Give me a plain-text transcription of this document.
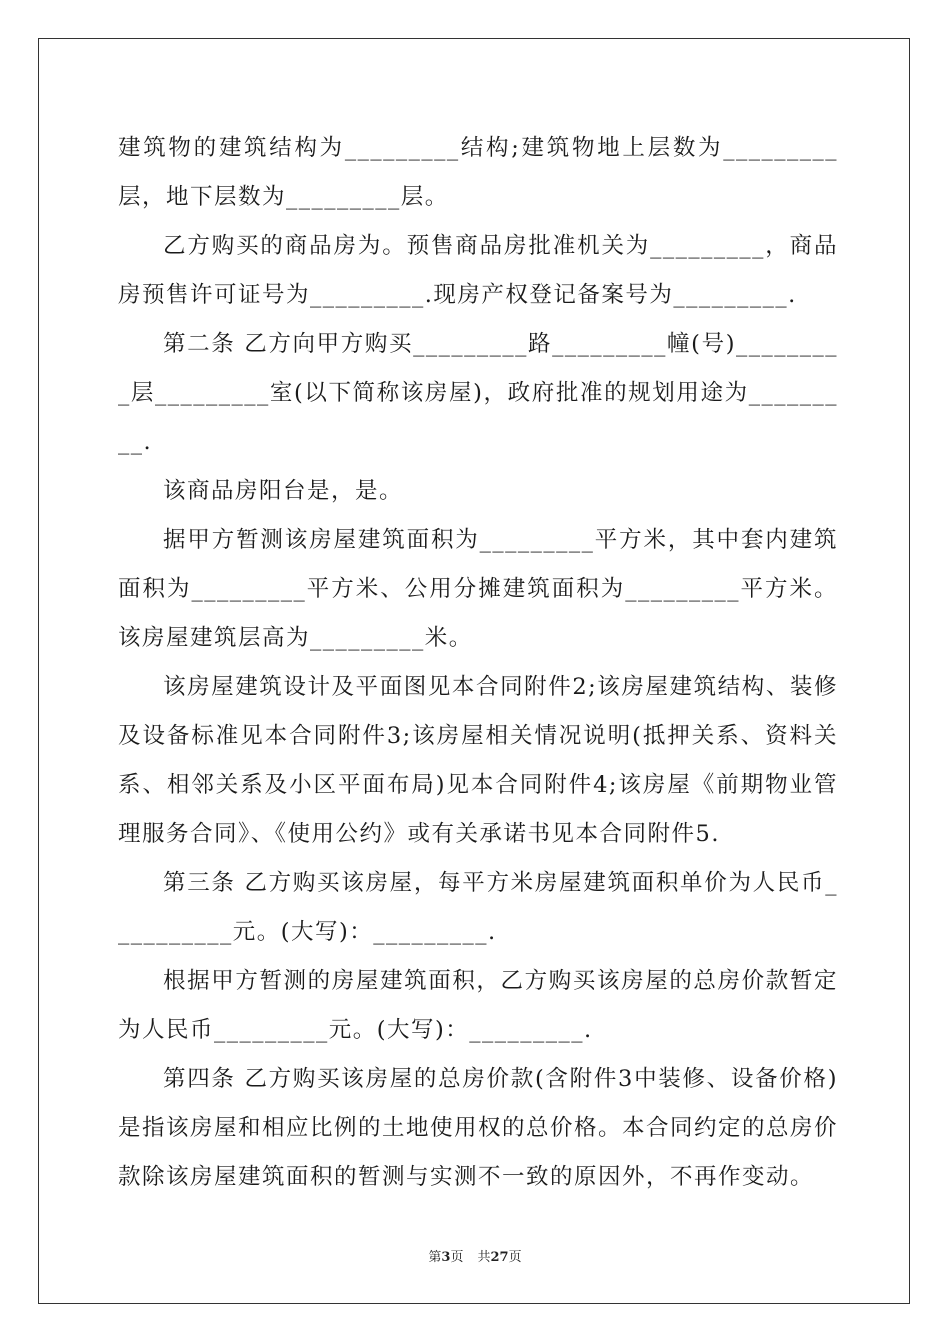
建筑物的建筑结构为_________结构;建筑物地上层数为_________层，地下层数为_________层。

乙方购买的商品房为。预售商品房批准机关为_________，商品房预售许可证号为_________.现房产权登记备案号为_________.

第二条 乙方向甲方购买_________路_________幢(号)_________层_________室(以下简称该房屋)，政府批准的规划用途为_________.

该商品房阳台是，是。

据甲方暂测该房屋建筑面积为_________平方米，其中套内建筑面积为_________平方米、公用分摊建筑面积为_________平方米。该房屋建筑层高为_________米。

该房屋建筑设计及平面图见本合同附件2;该房屋建筑结构、装修及设备标准见本合同附件3;该房屋相关情况说明(抵押关系、资料关系、相邻关系及小区平面布局)见本合同附件4;该房屋《前期物业管理服务合同》、《使用公约》或有关承诺书见本合同附件5.

第三条 乙方购买该房屋，每平方米房屋建筑面积单价为人民币__________元。(大写)：_________.

根据甲方暂测的房屋建筑面积，乙方购买该房屋的总房价款暂定为人民币_________元。(大写)：_________.

第四条 乙方购买该房屋的总房价款(含附件3中装修、设备价格)是指该房屋和相应比例的土地使用权的总价格。本合同约定的总房价款除该房屋建筑面积的暂测与实测不一致的原因外，不再作变动。

第3页 共27页
